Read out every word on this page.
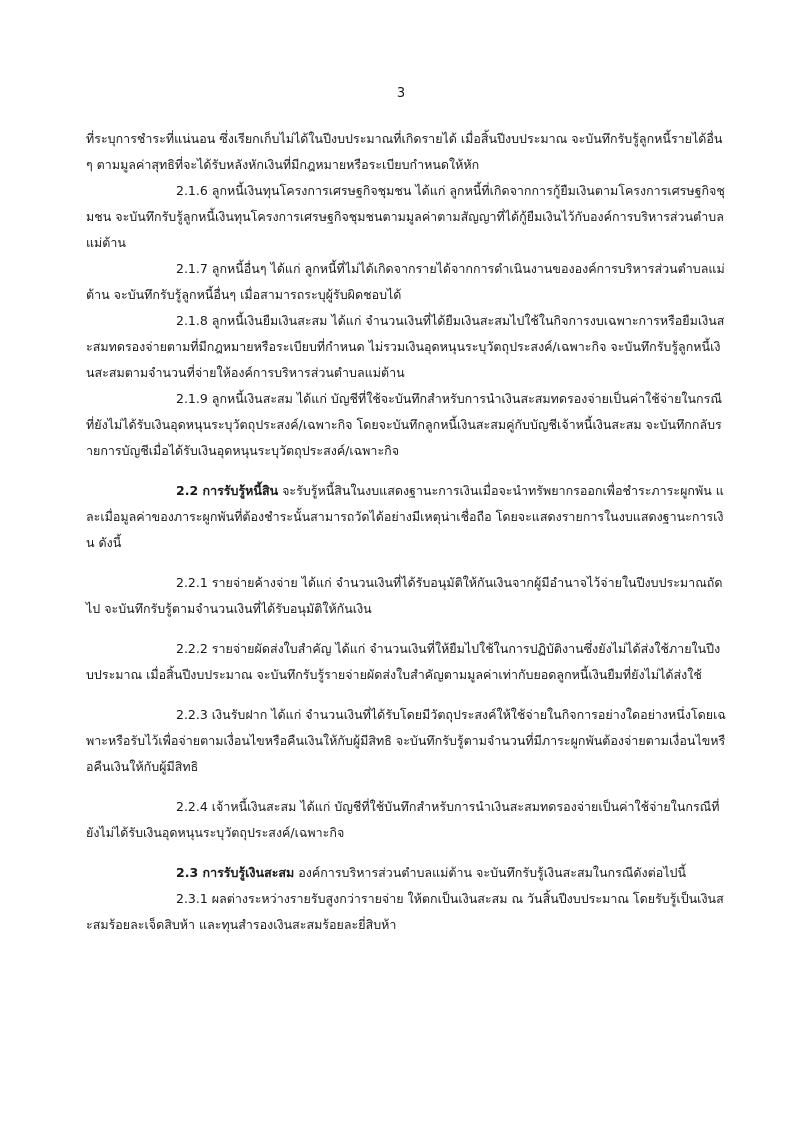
3

ที่ระบุการชำระที่แน่นอน ซึ่งเรียกเก็บไม่ได้ในปีงบประมาณที่เกิดรายได้ เมื่อสิ้นปีงบประมาณ จะบันทึกรับรู้ลูกหนี้รายได้อื่น ๆ ตามมูลค่าสุทธิที่จะได้รับหลังหักเงินที่มีกฎหมายหรือระเบียบกำหนดให้หัก

2.1.6 ลูกหนี้เงินทุนโครงการเศรษฐกิจชุมชน ได้แก่ ลูกหนี้ที่เกิดจากการกู้ยืมเงินตามโครงการเศรษฐกิจชุมชน จะบันทึกรับรู้ลูกหนี้เงินทุนโครงการเศรษฐกิจชุมชนตามมูลค่าตามสัญญาที่ได้กู้ยืมเงินไว้กับองค์การบริหารส่วนตำบลแม่ต้าน

2.1.7 ลูกหนี้อื่นๆ ได้แก่ ลูกหนี้ที่ไม่ได้เกิดจากรายได้จากการดำเนินงานขององค์การบริหารส่วนตำบลแม่ต้าน จะบันทึกรับรู้ลูกหนี้อื่นๆ เมื่อสามารถระบุผู้รับผิดชอบได้

2.1.8 ลูกหนี้เงินยืมเงินสะสม ได้แก่ จำนวนเงินที่ได้ยืมเงินสะสมไปใช้ในกิจการงบเฉพาะการหรือยืมเงินสะสมทดรองจ่ายตามที่มีกฎหมายหรือระเบียบที่กำหนด ไม่รวมเงินอุดหนุนระบุวัตถุประสงค์/เฉพาะกิจ จะบันทึกรับรู้ลูกหนี้เงินสะสมตามจำนวนที่จ่ายให้องค์การบริหารส่วนตำบลแม่ต้าน

2.1.9 ลูกหนี้เงินสะสม ได้แก่ บัญชีที่ใช้จะบันทึกสำหรับการนำเงินสะสมทดรองจ่ายเป็นค่าใช้จ่ายในกรณีที่ยังไม่ได้รับเงินอุดหนุนระบุวัตถุประสงค์/เฉพาะกิจ โดยจะบันทึกลูกหนี้เงินสะสมคู่กับบัญชีเจ้าหนี้เงินสะสม จะบันทึกกลับรายการบัญชีเมื่อได้รับเงินอุดหนุนระบุวัตถุประสงค์/เฉพาะกิจ

2.2 การรับรู้หนี้สิน จะรับรู้หนี้สินในงบแสดงฐานะการเงินเมื่อจะนำทรัพยากรออกเพื่อชำระภาระผูกพัน และเมื่อมูลค่าของภาระผูกพันที่ต้องชำระนั้นสามารถวัดได้อย่างมีเหตุน่าเชื่อถือ โดยจะแสดงรายการในงบแสดงฐานะการเงิน ดังนี้

2.2.1 รายจ่ายค้างจ่าย ได้แก่ จำนวนเงินที่ได้รับอนุมัติให้กันเงินจากผู้มีอำนาจไว้จ่ายในปีงบประมาณถัดไป จะบันทึกรับรู้ตามจำนวนเงินที่ได้รับอนุมัติให้กันเงิน

2.2.2 รายจ่ายผัดส่งใบสำคัญ ได้แก่ จำนวนเงินที่ให้ยืมไปใช้ในการปฏิบัติงานซึ่งยังไม่ได้ส่งใช้ภายในปีงบประมาณ เมื่อสิ้นปีงบประมาณ จะบันทึกรับรู้รายจ่ายผัดส่งใบสำคัญตามมูลค่าเท่ากับยอดลูกหนี้เงินยืมที่ยังไม่ได้ส่งใช้

2.2.3 เงินรับฝาก ได้แก่ จำนวนเงินที่ได้รับโดยมีวัตถุประสงค์ให้ใช้จ่ายในกิจการอย่างใดอย่างหนึ่งโดยเฉพาะหรือรับไว้เพื่อจ่ายตามเงื่อนไขหรือคืนเงินให้กับผู้มีสิทธิ จะบันทึกรับรู้ตามจำนวนที่มีภาระผูกพันต้องจ่ายตามเงื่อนไขหรือคืนเงินให้กับผู้มีสิทธิ

2.2.4 เจ้าหนี้เงินสะสม ได้แก่ บัญชีที่ใช้บันทึกสำหรับการนำเงินสะสมทดรองจ่ายเป็นค่าใช้จ่ายในกรณีที่ยังไม่ได้รับเงินอุดหนุนระบุวัตถุประสงค์/เฉพาะกิจ

2.3 การรับรู้เงินสะสม องค์การบริหารส่วนตำบลแม่ต้าน จะบันทึกรับรู้เงินสะสมในกรณีดังต่อไปนี้

2.3.1 ผลต่างระหว่างรายรับสูงกว่ารายจ่าย ให้ตกเป็นเงินสะสม ณ วันสิ้นปีงบประมาณ โดยรับรู้เป็นเงินสะสมร้อยละเจ็ดสิบห้า และทุนสำรองเงินสะสมร้อยละยี่สิบห้า
